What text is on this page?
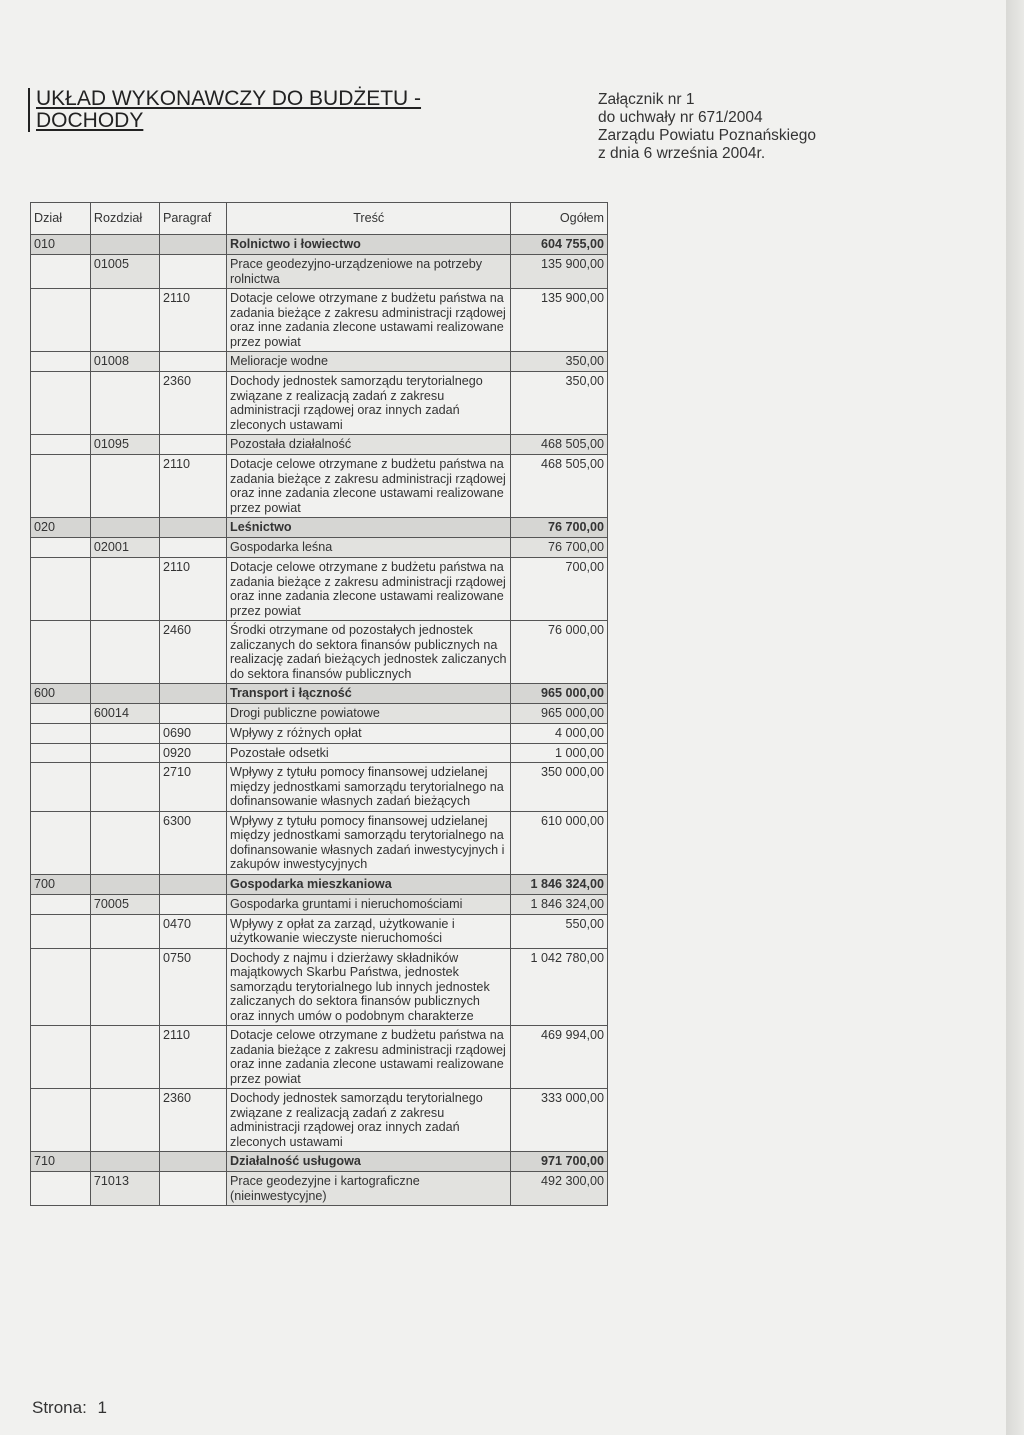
UKŁAD WYKONAWCZY DO BUDŻETU -
DOCHODY
Załącznik nr 1
do uchwały nr 671/2004
Zarządu Powiatu Poznańskiego
z dnia 6 września 2004r.
Dział	Rozdział	Paragraf	Treść	Ogółem
010			Rolnictwo i łowiectwo	604 755,00
	01005		Prace geodezyjno-urządzeniowe na potrzeby rolnictwa	135 900,00
		2110	Dotacje celowe otrzymane z budżetu państwa na zadania bieżące z zakresu administracji rządowej oraz inne zadania zlecone ustawami realizowane przez powiat	135 900,00
	01008		Melioracje wodne	350,00
		2360	Dochody jednostek samorządu terytorialnego związane z realizacją zadań z zakresu administracji rządowej oraz innych zadań zleconych ustawami	350,00
	01095		Pozostała działalność	468 505,00
		2110	Dotacje celowe otrzymane z budżetu państwa na zadania bieżące z zakresu administracji rządowej oraz inne zadania zlecone ustawami realizowane przez powiat	468 505,00
020			Leśnictwo	76 700,00
	02001		Gospodarka leśna	76 700,00
		2110	Dotacje celowe otrzymane z budżetu państwa na zadania bieżące z zakresu administracji rządowej oraz inne zadania zlecone ustawami realizowane przez powiat	700,00
		2460	Środki otrzymane od pozostałych jednostek zaliczanych do sektora finansów publicznych na realizację zadań bieżących jednostek zaliczanych do sektora finansów publicznych	76 000,00
600			Transport i łączność	965 000,00
	60014		Drogi publiczne powiatowe	965 000,00
		0690	Wpływy z różnych opłat	4 000,00
		0920	Pozostałe odsetki	1 000,00
		2710	Wpływy z tytułu pomocy finansowej udzielanej między jednostkami samorządu terytorialnego na dofinansowanie własnych zadań bieżących	350 000,00
		6300	Wpływy z tytułu pomocy finansowej udzielanej między jednostkami samorządu terytorialnego na dofinansowanie własnych zadań inwestycyjnych i zakupów inwestycyjnych	610 000,00
700			Gospodarka mieszkaniowa	1 846 324,00
	70005		Gospodarka gruntami i nieruchomościami	1 846 324,00
		0470	Wpływy z opłat za zarząd, użytkowanie i użytkowanie wieczyste nieruchomości	550,00
		0750	Dochody z najmu i dzierżawy składników majątkowych Skarbu Państwa, jednostek samorządu terytorialnego lub innych jednostek zaliczanych do sektora finansów publicznych oraz innych umów o podobnym charakterze	1 042 780,00
		2110	Dotacje celowe otrzymane z budżetu państwa na zadania bieżące z zakresu administracji rządowej oraz inne zadania zlecone ustawami realizowane przez powiat	469 994,00
		2360	Dochody jednostek samorządu terytorialnego związane z realizacją zadań z zakresu administracji rządowej oraz innych zadań zleconych ustawami	333 000,00
710			Działalność usługowa	971 700,00
	71013		Prace geodezyjne i kartograficzne (nieinwestycyjne)	492 300,00
Strona: 1
